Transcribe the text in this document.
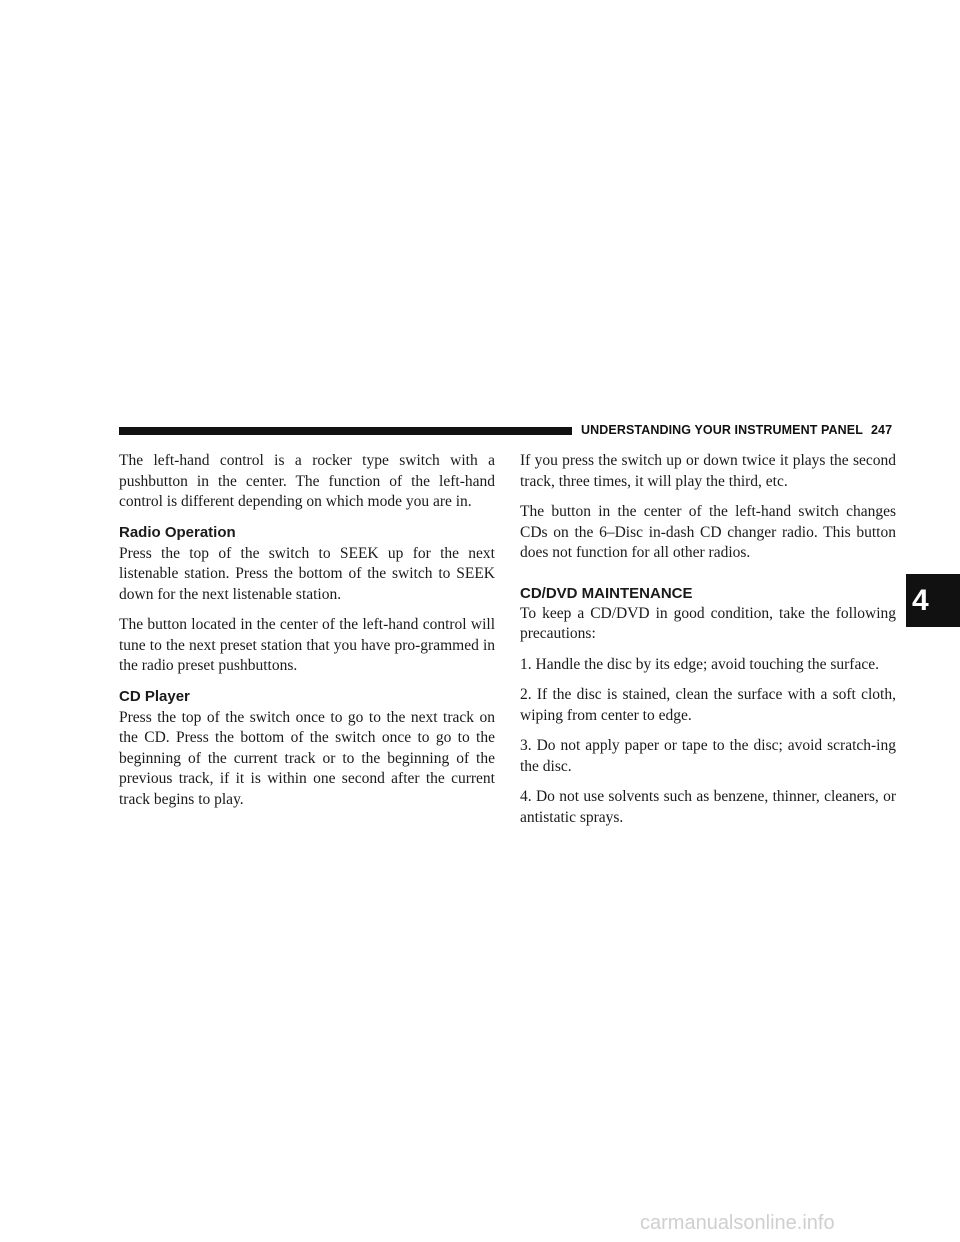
UNDERSTANDING YOUR INSTRUMENT PANEL 247

The left-hand control is a rocker type switch with a pushbutton in the center. The function of the left-hand control is different depending on which mode you are in.

Radio Operation

Press the top of the switch to SEEK up for the next listenable station. Press the bottom of the switch to SEEK down for the next listenable station.

The button located in the center of the left-hand control will tune to the next preset station that you have pro-grammed in the radio preset pushbuttons.

CD Player

Press the top of the switch once to go to the next track on the CD. Press the bottom of the switch once to go to the beginning of the current track or to the beginning of the previous track, if it is within one second after the current track begins to play.

If you press the switch up or down twice it plays the second track, three times, it will play the third, etc.

The button in the center of the left-hand switch changes CDs on the 6–Disc in-dash CD changer radio. This button does not function for all other radios.

CD/DVD MAINTENANCE

To keep a CD/DVD in good condition, take the following precautions:

1. Handle the disc by its edge; avoid touching the surface.

2. If the disc is stained, clean the surface with a soft cloth, wiping from center to edge.

3. Do not apply paper or tape to the disc; avoid scratch-ing the disc.

4. Do not use solvents such as benzene, thinner, cleaners, or antistatic sprays.

4
carmanualsonline.info
